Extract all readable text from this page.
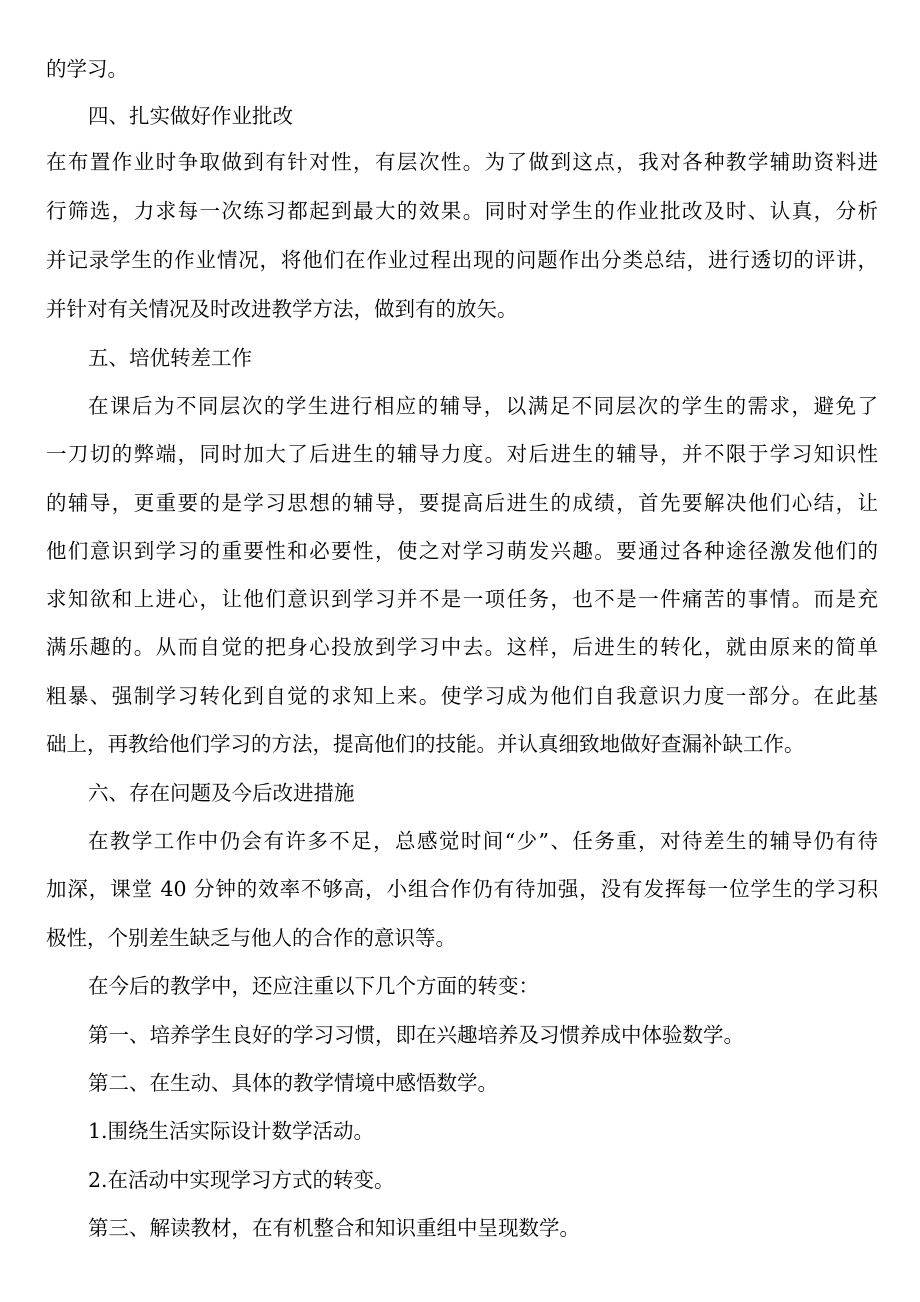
的学习。

四、扎实做好作业批改

在布置作业时争取做到有针对性，有层次性。为了做到这点，我对各种教学辅助资料进

行筛选，力求每一次练习都起到最大的效果。同时对学生的作业批改及时、认真，分析

并记录学生的作业情况，将他们在作业过程出现的问题作出分类总结，进行透切的评讲，

并针对有关情况及时改进教学方法，做到有的放矢。

五、培优转差工作

在课后为不同层次的学生进行相应的辅导，以满足不同层次的学生的需求，避免了

一刀切的弊端，同时加大了后进生的辅导力度。对后进生的辅导，并不限于学习知识性

的辅导，更重要的是学习思想的辅导，要提高后进生的成绩，首先要解决他们心结，让

他们意识到学习的重要性和必要性，使之对学习萌发兴趣。要通过各种途径激发他们的

求知欲和上进心，让他们意识到学习并不是一项任务，也不是一件痛苦的事情。而是充

满乐趣的。从而自觉的把身心投放到学习中去。这样，后进生的转化，就由原来的简单

粗暴、强制学习转化到自觉的求知上来。使学习成为他们自我意识力度一部分。在此基

础上，再教给他们学习的方法，提高他们的技能。并认真细致地做好查漏补缺工作。

六、存在问题及今后改进措施

在教学工作中仍会有许多不足，总感觉时间“少”、任务重，对待差生的辅导仍有待

加深，课堂 40 分钟的效率不够高，小组合作仍有待加强，没有发挥每一位学生的学习积

极性，个别差生缺乏与他人的合作的意识等。

在今后的教学中，还应注重以下几个方面的转变：

第一、培养学生良好的学习习惯，即在兴趣培养及习惯养成中体验数学。

第二、在生动、具体的教学情境中感悟数学。

1.围绕生活实际设计数学活动。

2.在活动中实现学习方式的转变。

第三、解读教材，在有机整合和知识重组中呈现数学。
